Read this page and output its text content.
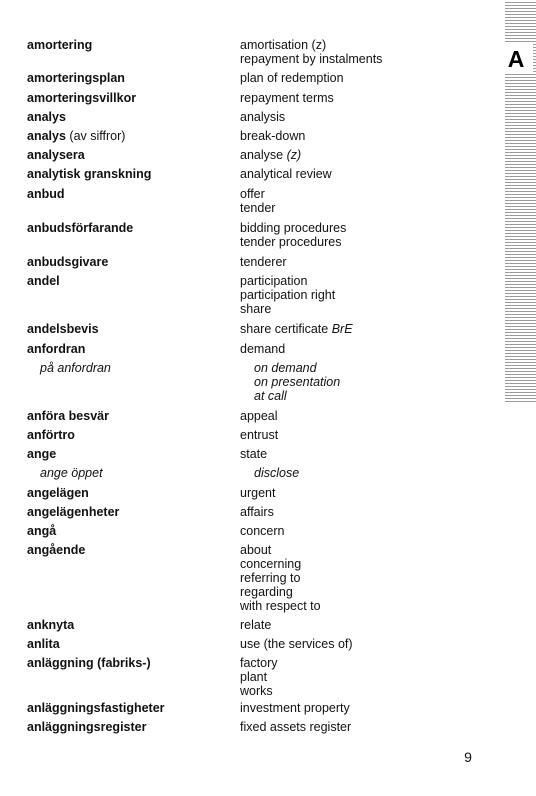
amortering	amortisation (z)
repayment by instalments
amorteringsplan	plan of redemption
amorteringsvillkor	repayment terms
analys	analysis
analys (av siffror)	break-down
analysera	analyse (z)
analytisk granskning	analytical review
anbud	offer
tender
anbudsförfarande	bidding procedures
tender procedures
anbudsgivare	tenderer
andel	participation
participation right
share
andelsbevis	share certificate BrE
anfordran	demand
på anfordran	on demand
on presentation
at call
anföra besvär	appeal
anförtro	entrust
ange	state
ange öppet	disclose
angelägen	urgent
angelägenheter	affairs
angå	concern
angående	about
concerning
referring to
regarding
with respect to
anknyta	relate
anlita	use (the services of)
anläggning (fabriks-)	factory
plant
works
anläggningsfastigheter	investment property
anläggningsregister	fixed assets register
A
9
